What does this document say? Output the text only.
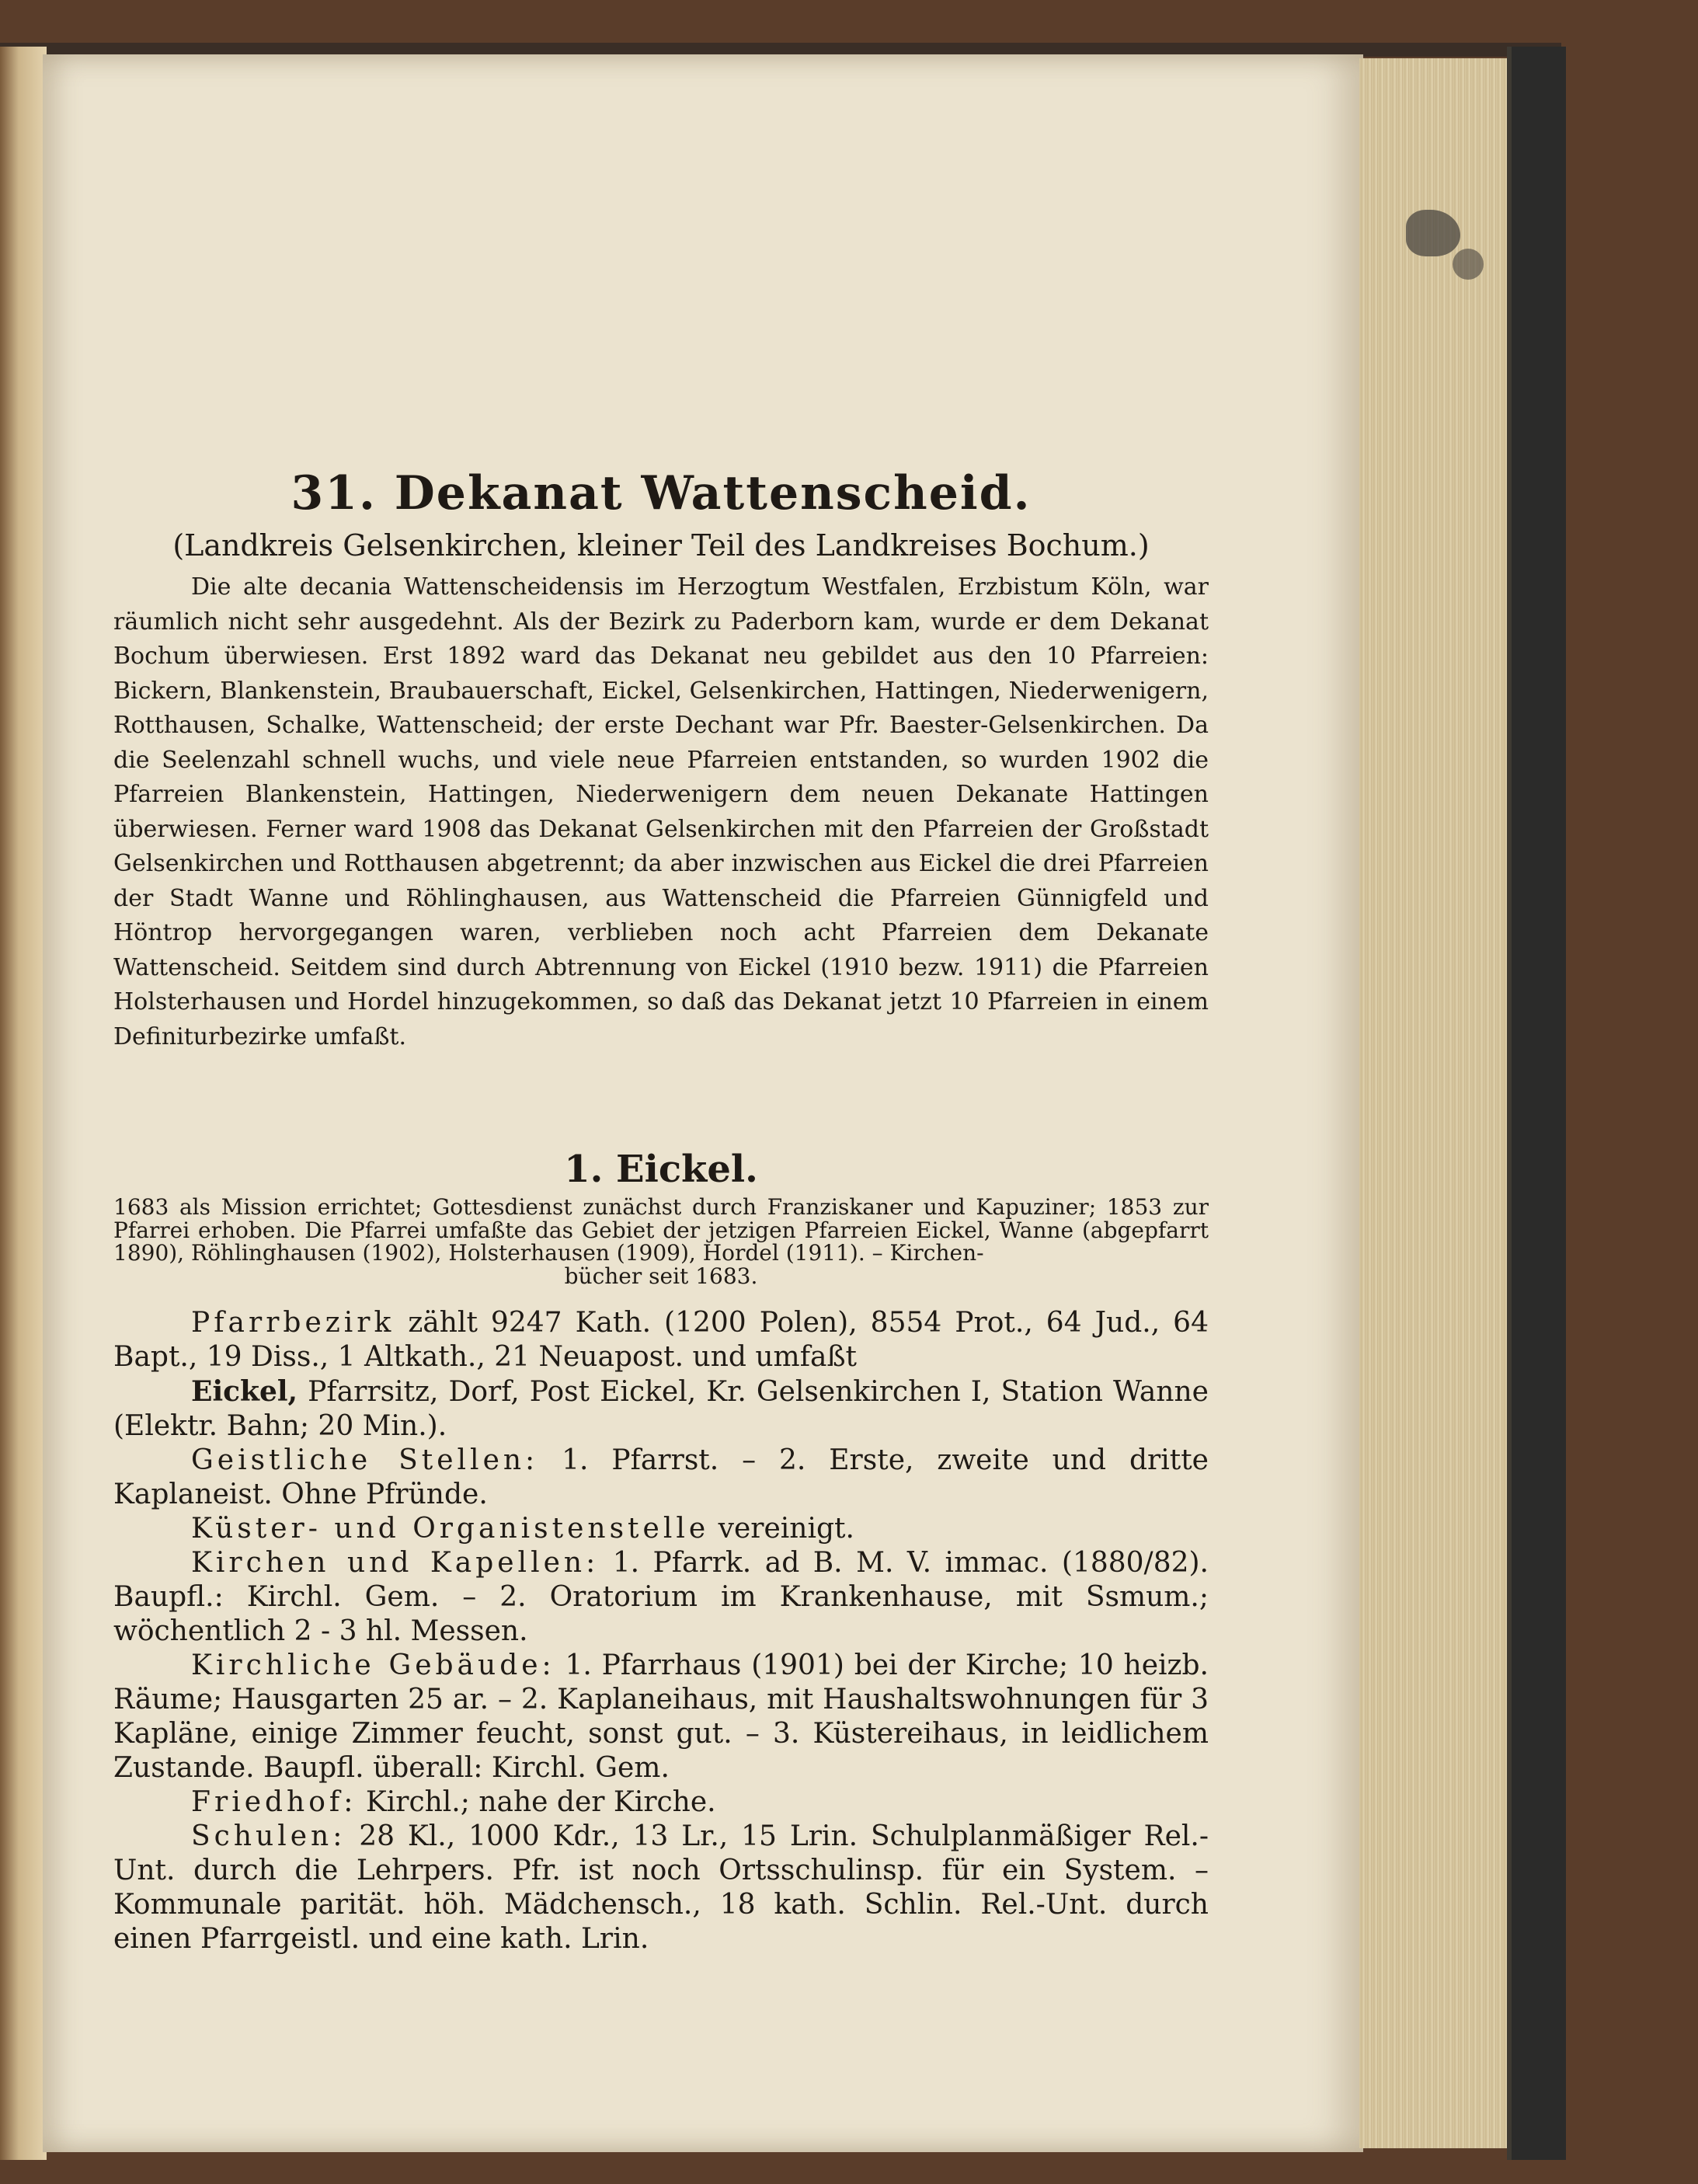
31. Dekanat Wattenscheid.
(Landkreis Gelsenkirchen, kleiner Teil des Landkreises Bochum.)

Die alte decania Wattenscheidensis im Herzogtum Westfalen, Erzbistum Köln, war räumlich nicht sehr ausgedehnt. Als der Bezirk zu Paderborn kam, wurde er dem Dekanat Bochum überwiesen. Erst 1892 ward das Dekanat neu gebildet aus den 10 Pfarreien: Bickern, Blankenstein, Braubauerschaft, Eickel, Gelsenkirchen, Hattingen, Niederwenigern, Rotthausen, Schalke, Wattenscheid; der erste Dechant war Pfr. Baester-Gelsenkirchen. Da die Seelenzahl schnell wuchs, und viele neue Pfarreien entstanden, so wurden 1902 die Pfarreien Blankenstein, Hattingen, Niederwenigern dem neuen Dekanate Hattingen überwiesen. Ferner ward 1908 das Dekanat Gelsenkirchen mit den Pfarreien der Großstadt Gelsenkirchen und Rotthausen abgetrennt; da aber inzwischen aus Eickel die drei Pfarreien der Stadt Wanne und Röhlinghausen, aus Wattenscheid die Pfarreien Günnigfeld und Höntrop hervorgegangen waren, verblieben noch acht Pfarreien dem Dekanate Wattenscheid. Seitdem sind durch Abtrennung von Eickel (1910 bezw. 1911) die Pfarreien Holsterhausen und Hordel hinzugekommen, so daß das Dekanat jetzt 10 Pfarreien in einem Definiturbezirke umfaßt.

1. Eickel.

1683 als Mission errichtet; Gottesdienst zunächst durch Franziskaner und Kapuziner; 1853 zur Pfarrei erhoben. Die Pfarrei umfaßte das Gebiet der jetzigen Pfarreien Eickel, Wanne (abgepfarrt 1890), Röhlinghausen (1902), Holsterhausen (1909), Hordel (1911). – Kirchen-
bücher seit 1683.

Pfarrbezirk zählt 9247 Kath. (1200 Polen), 8554 Prot., 64 Jud., 64 Bapt., 19 Diss., 1 Altkath., 21 Neuapost. und umfaßt

Eickel, Pfarrsitz, Dorf, Post Eickel, Kr. Gelsenkirchen I, Station Wanne (Elektr. Bahn; 20 Min.).

Geistliche Stellen: 1. Pfarrst. – 2. Erste, zweite und dritte Kaplaneist. Ohne Pfründe.

Küster- und Organistenstelle vereinigt.

Kirchen und Kapellen: 1. Pfarrk. ad B. M. V. immac. (1880/82). Baupfl.: Kirchl. Gem. – 2. Oratorium im Krankenhause, mit Ssmum.; wöchentlich 2 - 3 hl. Messen.

Kirchliche Gebäude: 1. Pfarrhaus (1901) bei der Kirche; 10 heizb. Räume; Hausgarten 25 ar. – 2. Kaplaneihaus, mit Haushaltswohnungen für 3 Kapläne, einige Zimmer feucht, sonst gut. – 3. Küstereihaus, in leidlichem Zustande. Baupfl. überall: Kirchl. Gem.

Friedhof: Kirchl.; nahe der Kirche.

Schulen: 28 Kl., 1000 Kdr., 13 Lr., 15 Lrin. Schulplanmäßiger Rel.-Unt. durch die Lehrpers. Pfr. ist noch Ortsschulinsp. für ein System. – Kommunale parität. höh. Mädchensch., 18 kath. Schlin. Rel.-Unt. durch einen Pfarrgeistl. und eine kath. Lrin.
